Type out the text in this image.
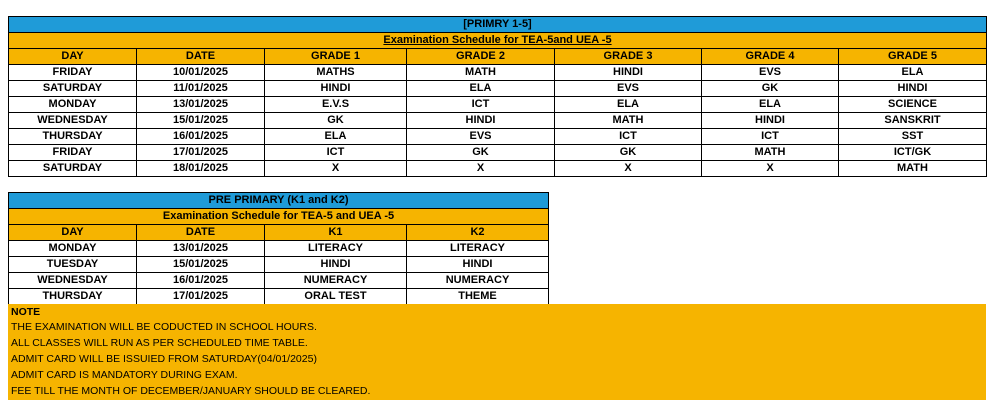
[PRIMRY 1-5]						
Examination Schedule for TEA-5and UEA -5						
DAY	DATE	GRADE 1	GRADE 2	GRADE 3	GRADE 4	GRADE 5
FRIDAY	10/01/2025	MATHS	MATH	HINDI	EVS	ELA
SATURDAY	11/01/2025	HINDI	ELA	EVS	GK	HINDI
MONDAY	13/01/2025	E.V.S	ICT	ELA	ELA	SCIENCE
WEDNESDAY	15/01/2025	GK	HINDI	MATH	HINDI	SANSKRIT
THURSDAY	16/01/2025	ELA	EVS	ICT	ICT	SST
FRIDAY	17/01/2025	ICT	GK	GK	MATH	ICT/GK
SATURDAY	18/01/2025	X	X	X	X	MATH
PRE PRIMARY (K1 and K2)			
Examination Schedule for TEA-5 and UEA -5			
DAY	DATE	K1	K2
MONDAY	13/01/2025	LITERACY	LITERACY
TUESDAY	15/01/2025	HINDI	HINDI
WEDNESDAY	16/01/2025	NUMERACY	NUMERACY
THURSDAY	17/01/2025	ORAL TEST	THEME
NOTE
THE EXAMINATION WILL BE CODUCTED IN SCHOOL HOURS.
ALL CLASSES WILL RUN AS PER SCHEDULED TIME TABLE.
ADMIT CARD WILL BE ISSUIED FROM SATURDAY(04/01/2025)
ADMIT CARD IS MANDATORY DURING EXAM.
FEE TILL THE MONTH OF DECEMBER/JANUARY SHOULD BE CLEARED.
